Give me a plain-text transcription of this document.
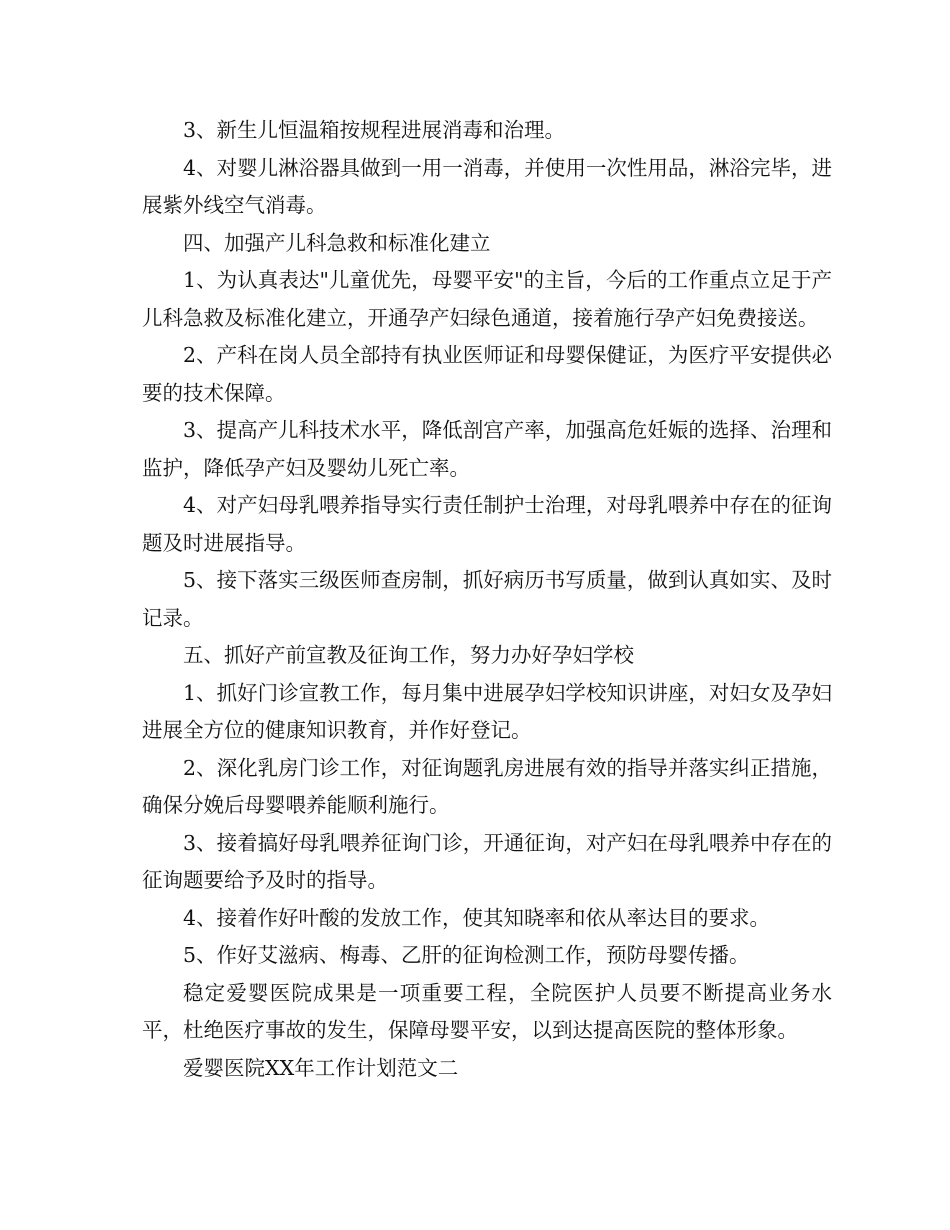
3、新生儿恒温箱按规程进展消毒和治理。

4、对婴儿淋浴器具做到一用一消毒，并使用一次性用品，淋浴完毕，进展紫外线空气消毒。

四、加强产儿科急救和标准化建立

1、为认真表达"儿童优先，母婴平安"的主旨，今后的工作重点立足于产儿科急救及标准化建立，开通孕产妇绿色通道，接着施行孕产妇免费接送。

2、产科在岗人员全部持有执业医师证和母婴保健证，为医疗平安提供必要的技术保障。

3、提高产儿科技术水平，降低剖宫产率，加强高危妊娠的选择、治理和监护，降低孕产妇及婴幼儿死亡率。

4、对产妇母乳喂养指导实行责任制护士治理，对母乳喂养中存在的征询题及时进展指导。

5、接下落实三级医师查房制，抓好病历书写质量，做到认真如实、及时记录。

五、抓好产前宣教及征询工作，努力办好孕妇学校

1、抓好门诊宣教工作，每月集中进展孕妇学校知识讲座，对妇女及孕妇进展全方位的健康知识教育，并作好登记。

2、深化乳房门诊工作，对征询题乳房进展有效的指导并落实纠正措施，确保分娩后母婴喂养能顺利施行。

3、接着搞好母乳喂养征询门诊，开通征询，对产妇在母乳喂养中存在的征询题要给予及时的指导。

4、接着作好叶酸的发放工作，使其知晓率和依从率达目的要求。

5、作好艾滋病、梅毒、乙肝的征询检测工作，预防母婴传播。

稳定爱婴医院成果是一项重要工程，全院医护人员要不断提高业务水平，杜绝医疗事故的发生，保障母婴平安，以到达提高医院的整体形象。

爱婴医院XX年工作计划范文二
